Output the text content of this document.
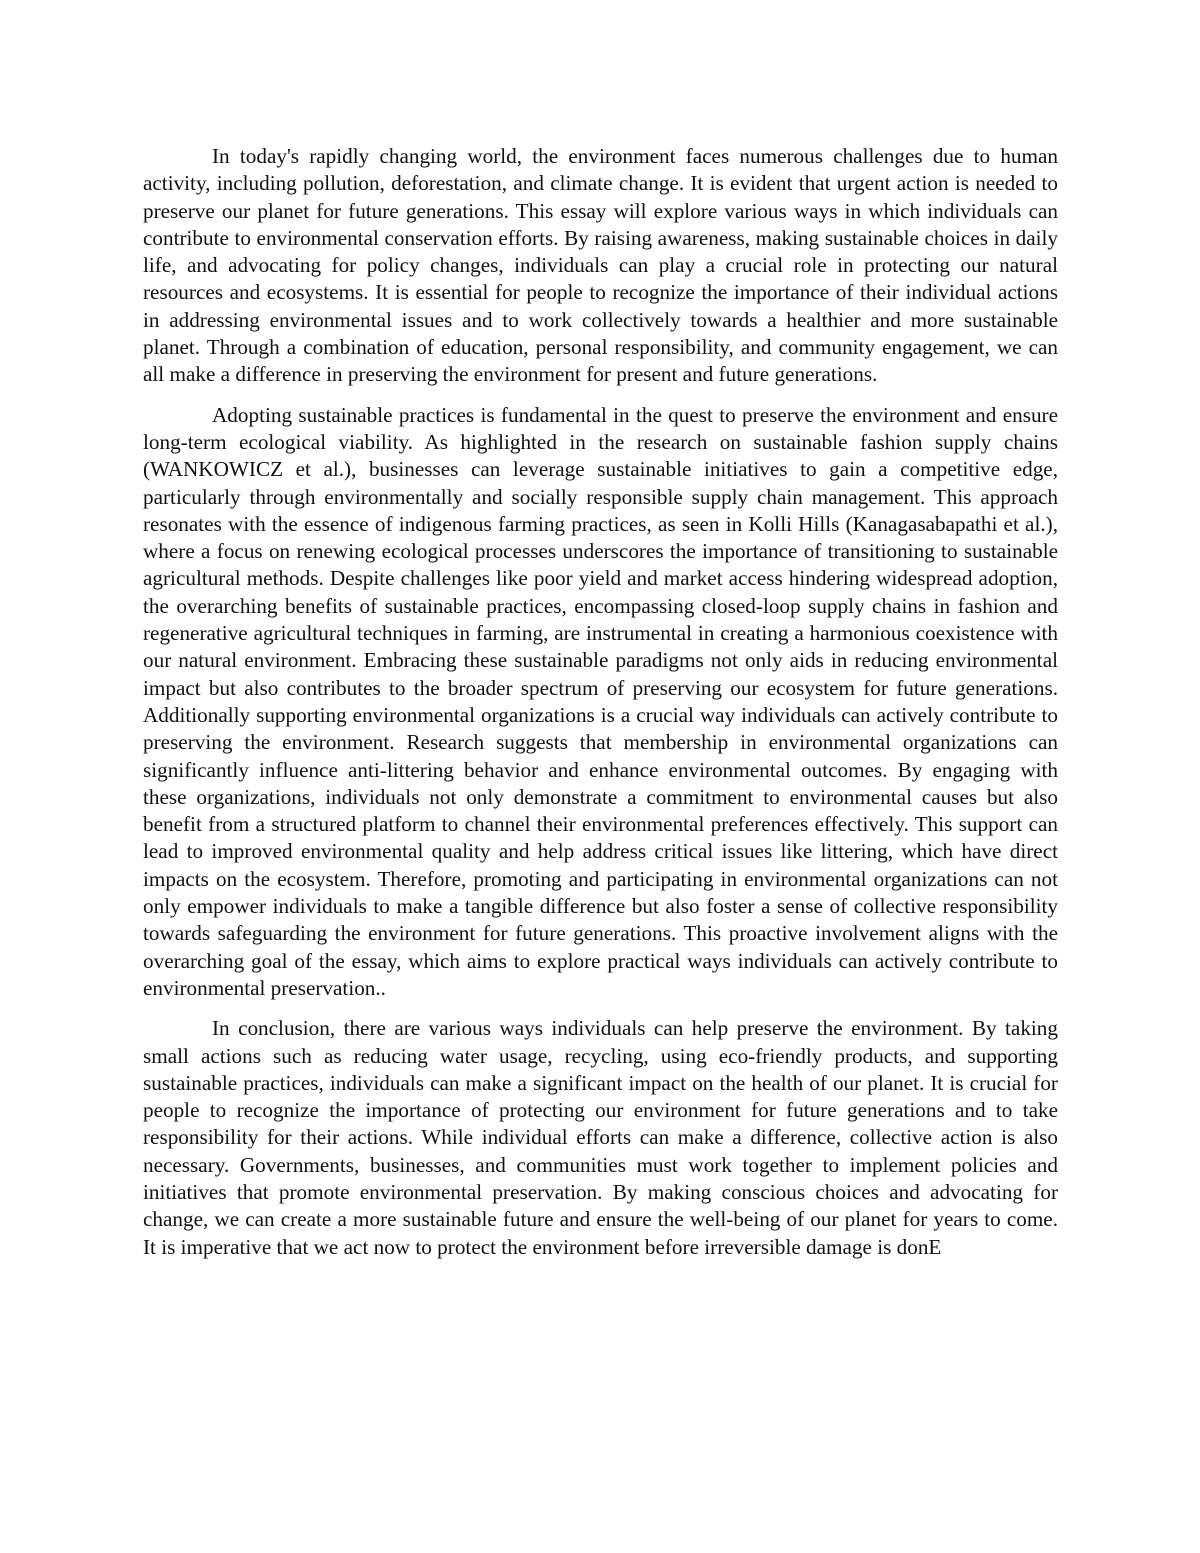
In today's rapidly changing world, the environment faces numerous challenges due to human activity, including pollution, deforestation, and climate change. It is evident that urgent action is needed to preserve our planet for future generations. This essay will explore various ways in which individuals can contribute to environmental conservation efforts. By raising awareness, making sustainable choices in daily life, and advocating for policy changes, individuals can play a crucial role in protecting our natural resources and ecosystems. It is essential for people to recognize the importance of their individual actions in addressing environmental issues and to work collectively towards a healthier and more sustainable planet. Through a combination of education, personal responsibility, and community engagement, we can all make a difference in preserving the environment for present and future generations.

Adopting sustainable practices is fundamental in the quest to preserve the environment and ensure long-term ecological viability. As highlighted in the research on sustainable fashion supply chains (WANKOWICZ et al.), businesses can leverage sustainable initiatives to gain a competitive edge, particularly through environmentally and socially responsible supply chain management. This approach resonates with the essence of indigenous farming practices, as seen in Kolli Hills (Kanagasabapathi et al.), where a focus on renewing ecological processes underscores the importance of transitioning to sustainable agricultural methods. Despite challenges like poor yield and market access hindering widespread adoption, the overarching benefits of sustainable practices, encompassing closed-loop supply chains in fashion and regenerative agricultural techniques in farming, are instrumental in creating a harmonious coexistence with our natural environment. Embracing these sustainable paradigms not only aids in reducing environmental impact but also contributes to the broader spectrum of preserving our ecosystem for future generations. Additionally supporting environmental organizations is a crucial way individuals can actively contribute to preserving the environment. Research suggests that membership in environmental organizations can significantly influence anti-littering behavior and enhance environmental outcomes. By engaging with these organizations, individuals not only demonstrate a commitment to environmental causes but also benefit from a structured platform to channel their environmental preferences effectively. This support can lead to improved environmental quality and help address critical issues like littering, which have direct impacts on the ecosystem. Therefore, promoting and participating in environmental organizations can not only empower individuals to make a tangible difference but also foster a sense of collective responsibility towards safeguarding the environment for future generations. This proactive involvement aligns with the overarching goal of the essay, which aims to explore practical ways individuals can actively contribute to environmental preservation..

In conclusion, there are various ways individuals can help preserve the environment. By taking small actions such as reducing water usage, recycling, using eco-friendly products, and supporting sustainable practices, individuals can make a significant impact on the health of our planet. It is crucial for people to recognize the importance of protecting our environment for future generations and to take responsibility for their actions. While individual efforts can make a difference, collective action is also necessary. Governments, businesses, and communities must work together to implement policies and initiatives that promote environmental preservation. By making conscious choices and advocating for change, we can create a more sustainable future and ensure the well-being of our planet for years to come. It is imperative that we act now to protect the environment before irreversible damage is donE
